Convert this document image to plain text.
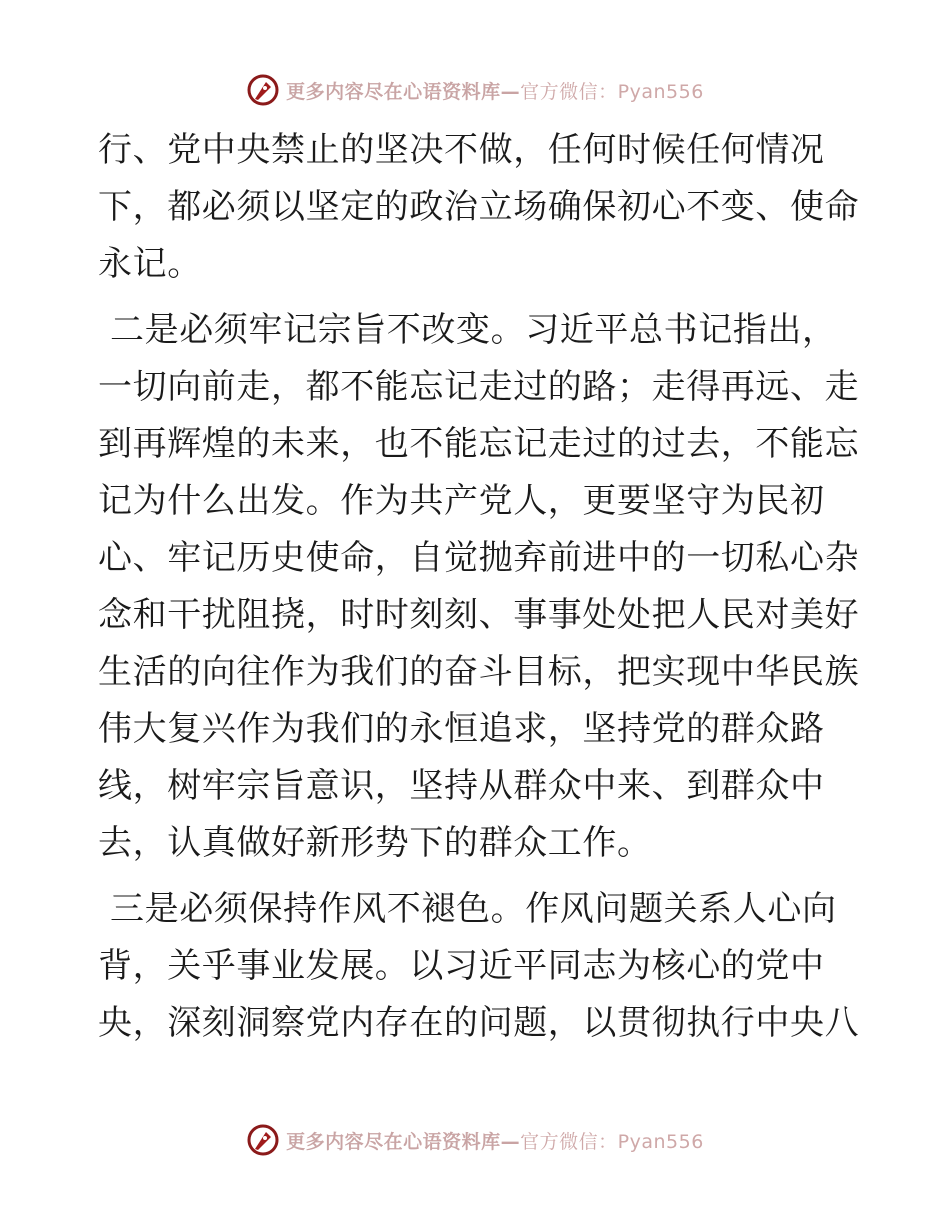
更多内容尽在心语资料库—官方微信：Pyan556

行、党中央禁止的坚决不做，任何时候任何情况
下，都必须以坚定的政治立场确保初心不变、使命
永记。

二是必须牢记宗旨不改变。习近平总书记指出，
一切向前走，都不能忘记走过的路；走得再远、走
到再辉煌的未来，也不能忘记走过的过去，不能忘
记为什么出发。作为共产党人，更要坚守为民初
心、牢记历史使命，自觉抛弃前进中的一切私心杂
念和干扰阻挠，时时刻刻、事事处处把人民对美好
生活的向往作为我们的奋斗目标，把实现中华民族
伟大复兴作为我们的永恒追求，坚持党的群众路
线，树牢宗旨意识，坚持从群众中来、到群众中
去，认真做好新形势下的群众工作。

三是必须保持作风不褪色。作风问题关系人心向
背，关乎事业发展。以习近平同志为核心的党中
央，深刻洞察党内存在的问题，以贯彻执行中央八

更多内容尽在心语资料库—官方微信：Pyan556
